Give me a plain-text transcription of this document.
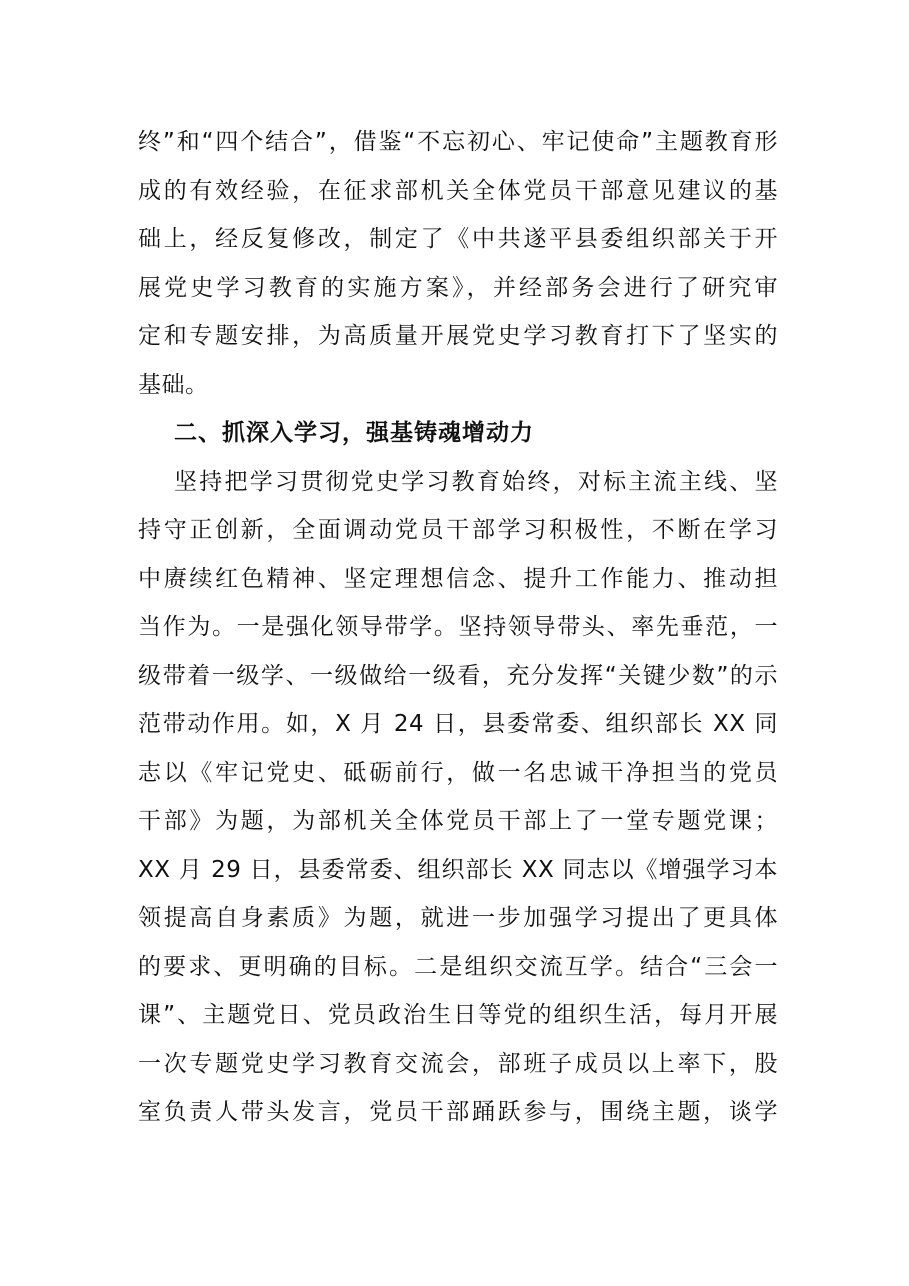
终”和“四个结合”，借鉴“不忘初心、牢记使命”主题教育形
成的有效经验，在征求部机关全体党员干部意见建议的基
础上，经反复修改，制定了《中共遂平县委组织部关于开
展党史学习教育的实施方案》，并经部务会进行了研究审
定和专题安排，为高质量开展党史学习教育打下了坚实的
基础。
二、抓深入学习，强基铸魂增动力
坚持把学习贯彻党史学习教育始终，对标主流主线、坚
持守正创新，全面调动党员干部学习积极性，不断在学习
中赓续红色精神、坚定理想信念、提升工作能力、推动担
当作为。一是强化领导带学。坚持领导带头、率先垂范，一
级带着一级学、一级做给一级看，充分发挥“关键少数”的示
范带动作用。如，X 月 24 日，县委常委、组织部长 XX 同
志以《牢记党史、砥砺前行，做一名忠诚干净担当的党员
干部》为题，为部机关全体党员干部上了一堂专题党课；
XX 月 29 日，县委常委、组织部长 XX 同志以《增强学习本
领提高自身素质》为题，就进一步加强学习提出了更具体
的要求、更明确的目标。二是组织交流互学。结合“三会一
课”、主题党日、党员政治生日等党的组织生活，每月开展
一次专题党史学习教育交流会，部班子成员以上率下，股
室负责人带头发言，党员干部踊跃参与，围绕主题，谈学
